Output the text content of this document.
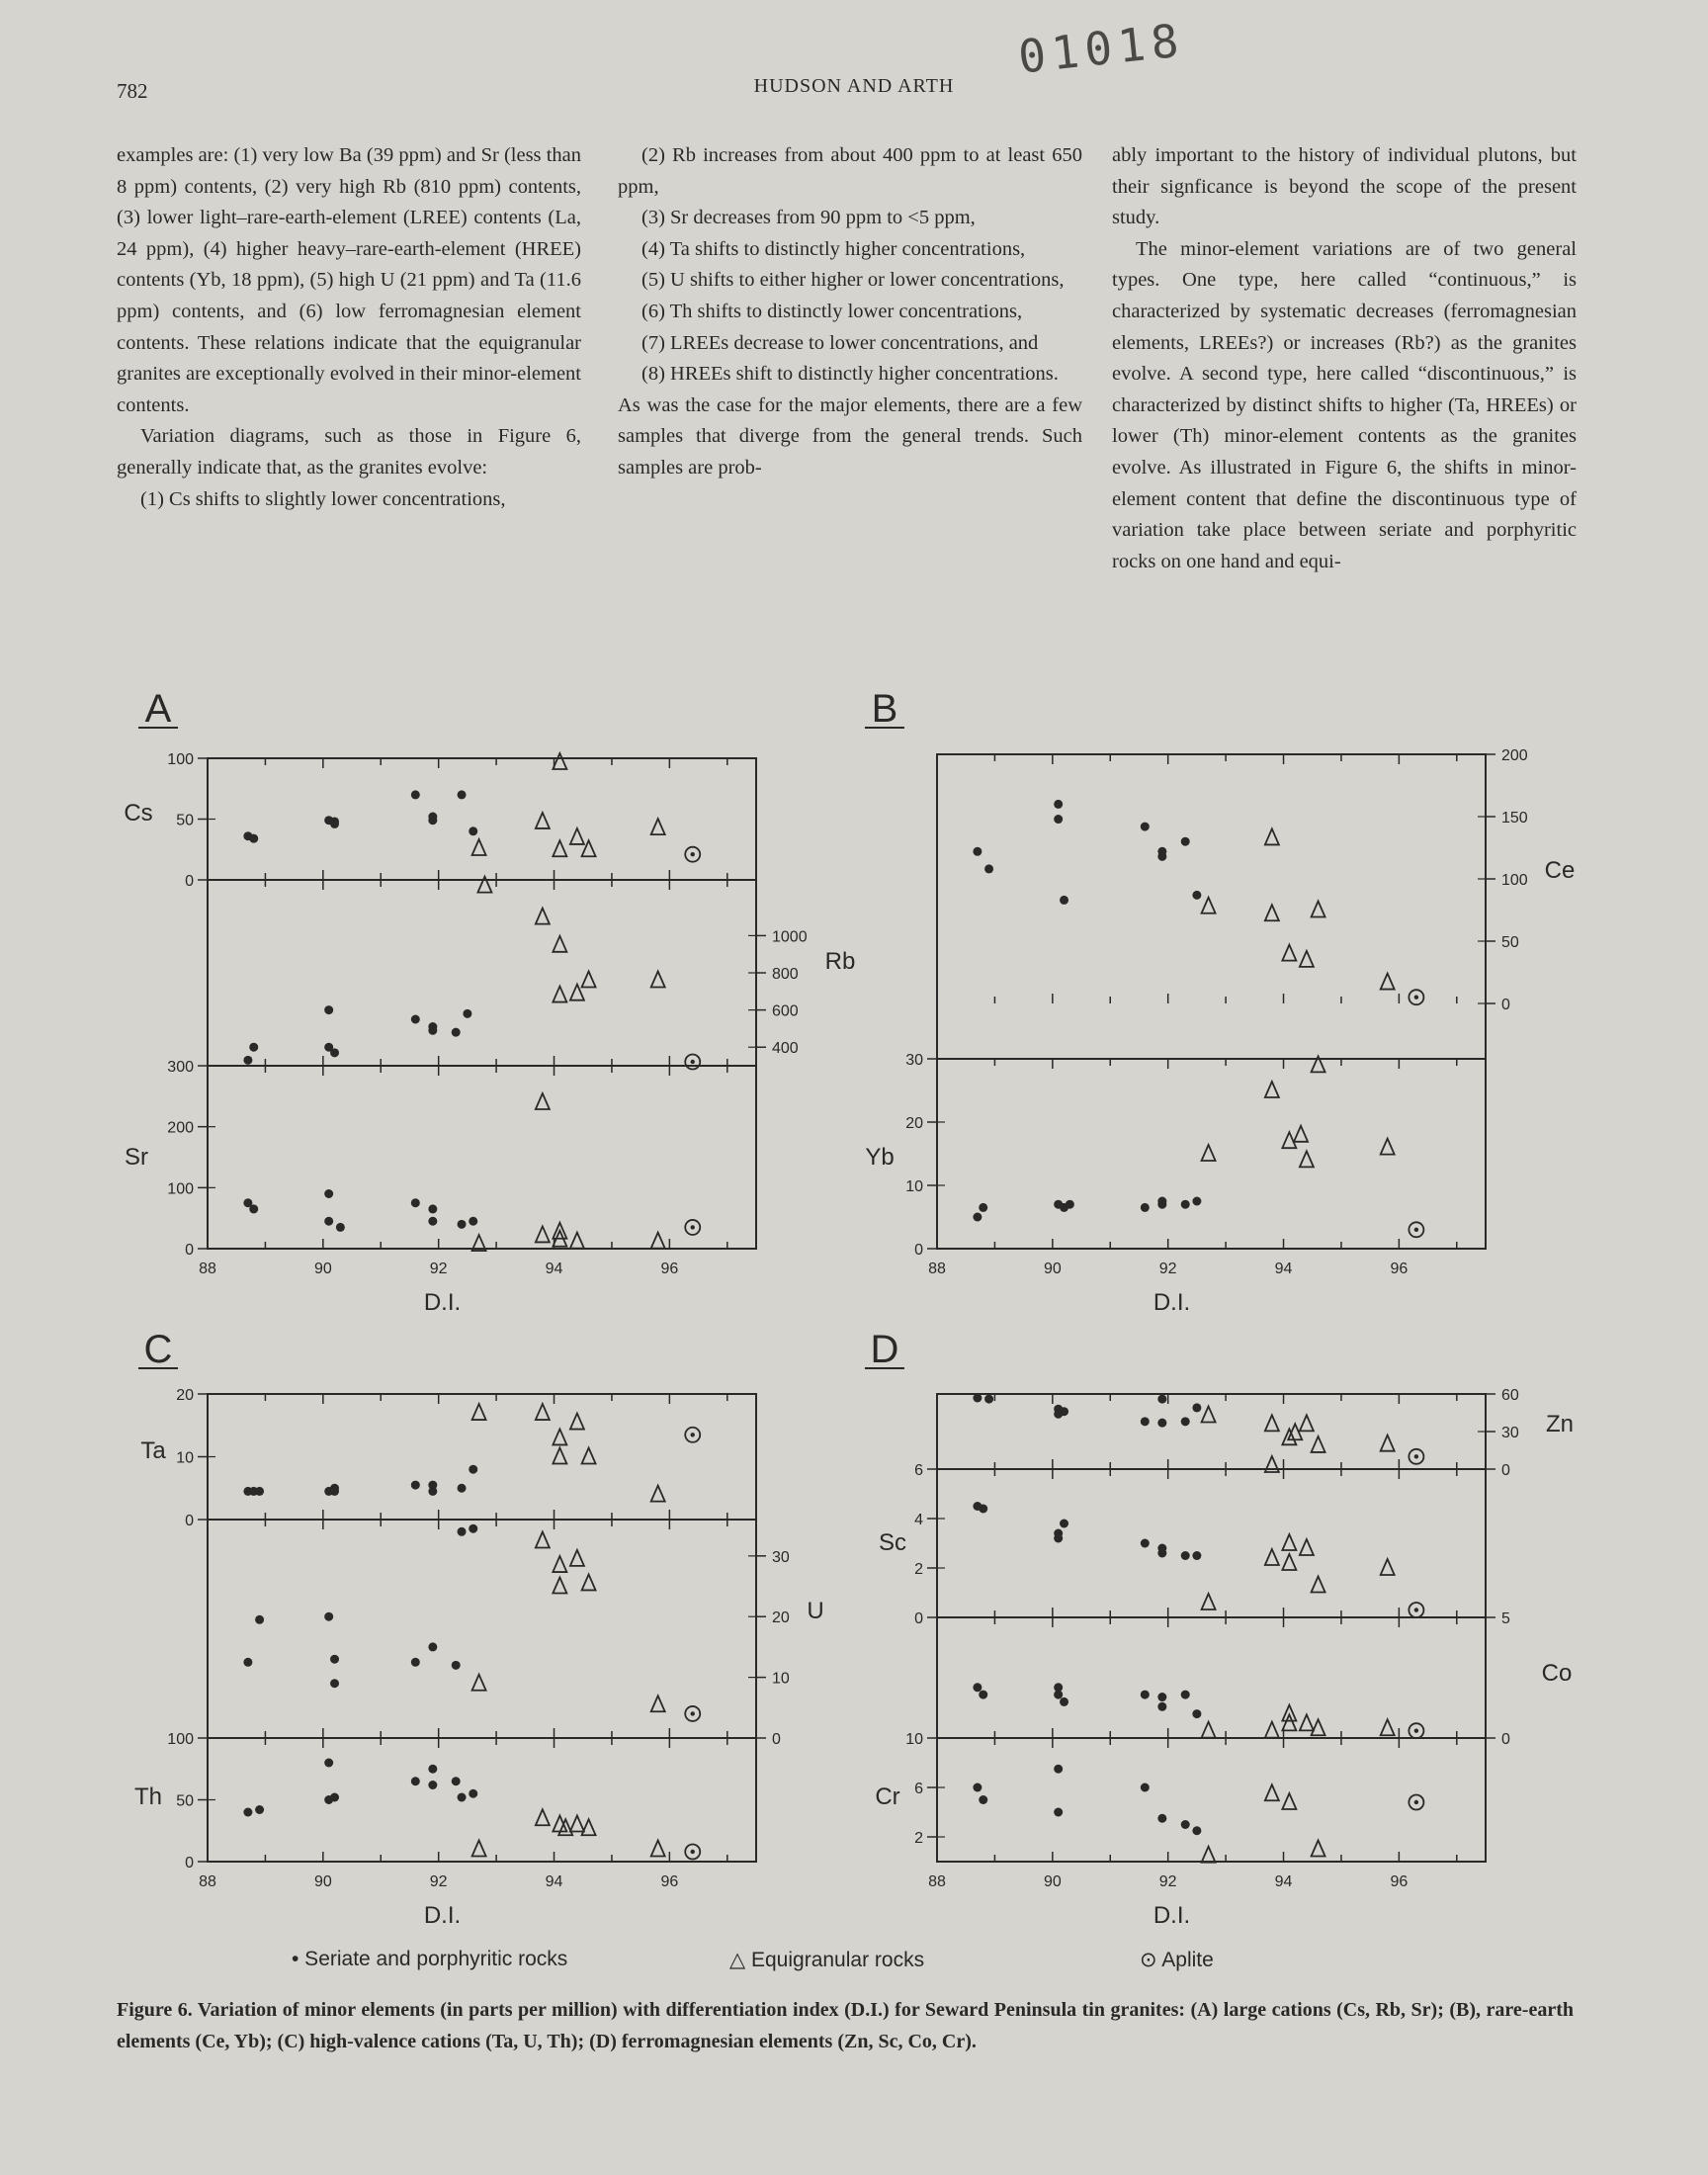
782	HUDSON AND ARTH
01018

examples are: (1) very low Ba (39 ppm) and Sr (less than 8 ppm) contents, (2) very high Rb (810 ppm) contents, (3) lower light–rare-earth-element (LREE) contents (La, 24 ppm), (4) higher heavy–rare-earth-element (HREE) contents (Yb, 18 ppm), (5) high U (21 ppm) and Ta (11.6 ppm) contents, and (6) low ferromagnesian element contents. These relations indicate that the equigranular granites are exceptionally evolved in their minor-element contents.

Variation diagrams, such as those in Figure 6, generally indicate that, as the granites evolve:

(1) Cs shifts to slightly lower concentrations,

(2) Rb increases from about 400 ppm to at least 650 ppm,

(3) Sr decreases from 90 ppm to <5 ppm,

(4) Ta shifts to distinctly higher concentrations,

(5) U shifts to either higher or lower concentrations,

(6) Th shifts to distinctly lower concentrations,

(7) LREEs decrease to lower concentrations, and

(8) HREEs shift to distinctly higher concentrations.

As was the case for the major elements, there are a few samples that diverge from the general trends. Such samples are prob-

ably important to the history of individual plutons, but their signficance is beyond the scope of the present study.

The minor-element variations are of two general types. One type, here called “continuous,” is characterized by systematic decreases (ferromagnesian elements, LREEs?) or increases (Rb?) as the granites evolve. A second type, here called “discontinuous,” is characterized by distinct shifts to higher (Ta, HREEs) or lower (Th) minor-element contents as the granites evolve. As illustrated in Figure 6, the shifts in minor-element content that define the discontinuous type of variation take place between seriate and porphyritic rocks on one hand and equi-

A
88	90	92	94	96
D.I.
0
50
100
Cs
400
600
800
1000
Rb
0
100
200
300
Sr
B
88	90	92	94	96
D.I.
0
50
100
150
200
Ce
0
10
20
30
Yb
C
88	90	92	94	96
D.I.
0
10
20
Ta
0
10
20
30
U
0
50
100
Th
D
88	90	92	94	96
D.I.
0
30
60
Zn
0
2
4
6
Sc
0
5
Co
2
6
10
Cr
• Seriate and porphyritic rocks	△ Equigranular rocks	⊙ Aplite
Figure 6. Variation of minor elements (in parts per million) with differentiation index (D.I.) for Seward Peninsula tin granites: (A) large cations (Cs, Rb, Sr); (B), rare-earth elements (Ce, Yb); (C) high-valence cations (Ta, U, Th); (D) ferromagnesian elements (Zn, Sc, Co, Cr).
